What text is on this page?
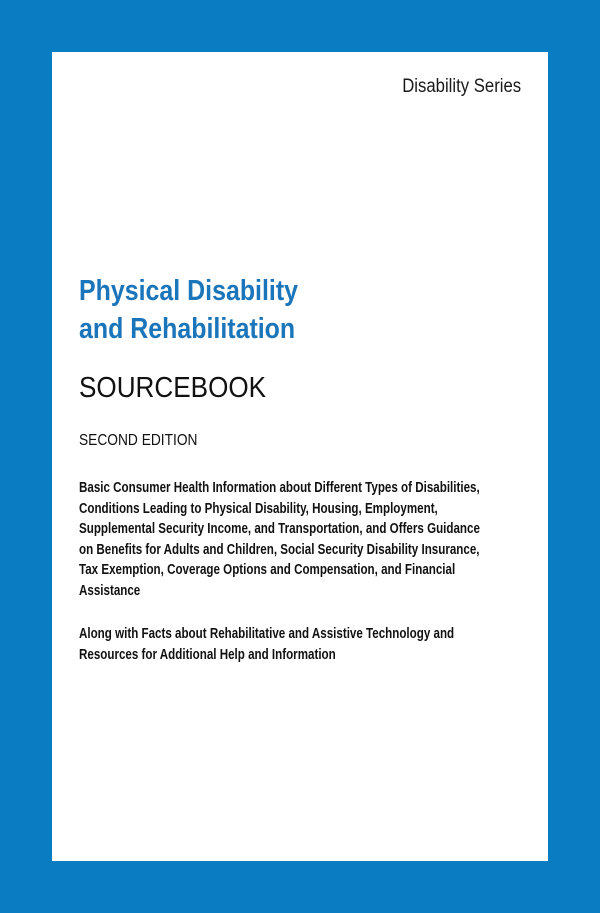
Disability Series
Physical Disability
and Rehabilitation
SOURCEBOOK
SECOND EDITION
Basic Consumer Health Information about Different Types of Disabilities,
Conditions Leading to Physical Disability, Housing, Employment,
Supplemental Security Income, and Transportation, and Offers Guidance
on Benefits for Adults and Children, Social Security Disability Insurance,
Tax Exemption, Coverage Options and Compensation, and Financial
Assistance
Along with Facts about Rehabilitative and Assistive Technology and
Resources for Additional Help and Information
